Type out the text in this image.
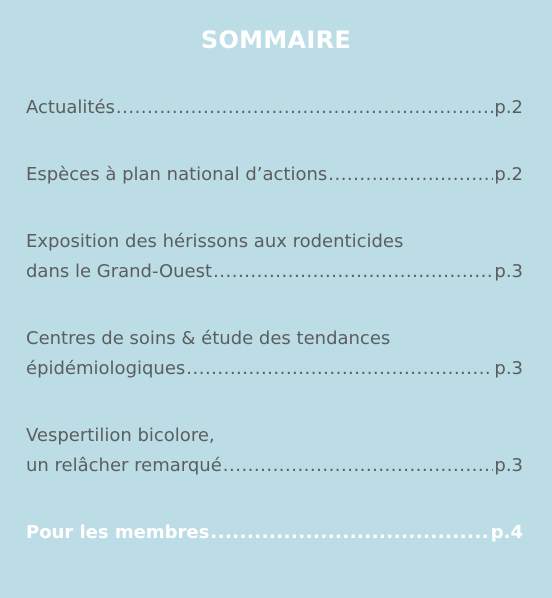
SOMMAIRE
Actualités .....	p.2
Espèces à plan national d’actions .....	p.2
Exposition des hérissons aux rodenticides
dans le Grand-Ouest .....	p.3
Centres de soins & étude des tendances
épidémiologiques .....	p.3
Vespertilion bicolore,
un relâcher remarqué .....	p.3
Pour les membres .....	p.4
